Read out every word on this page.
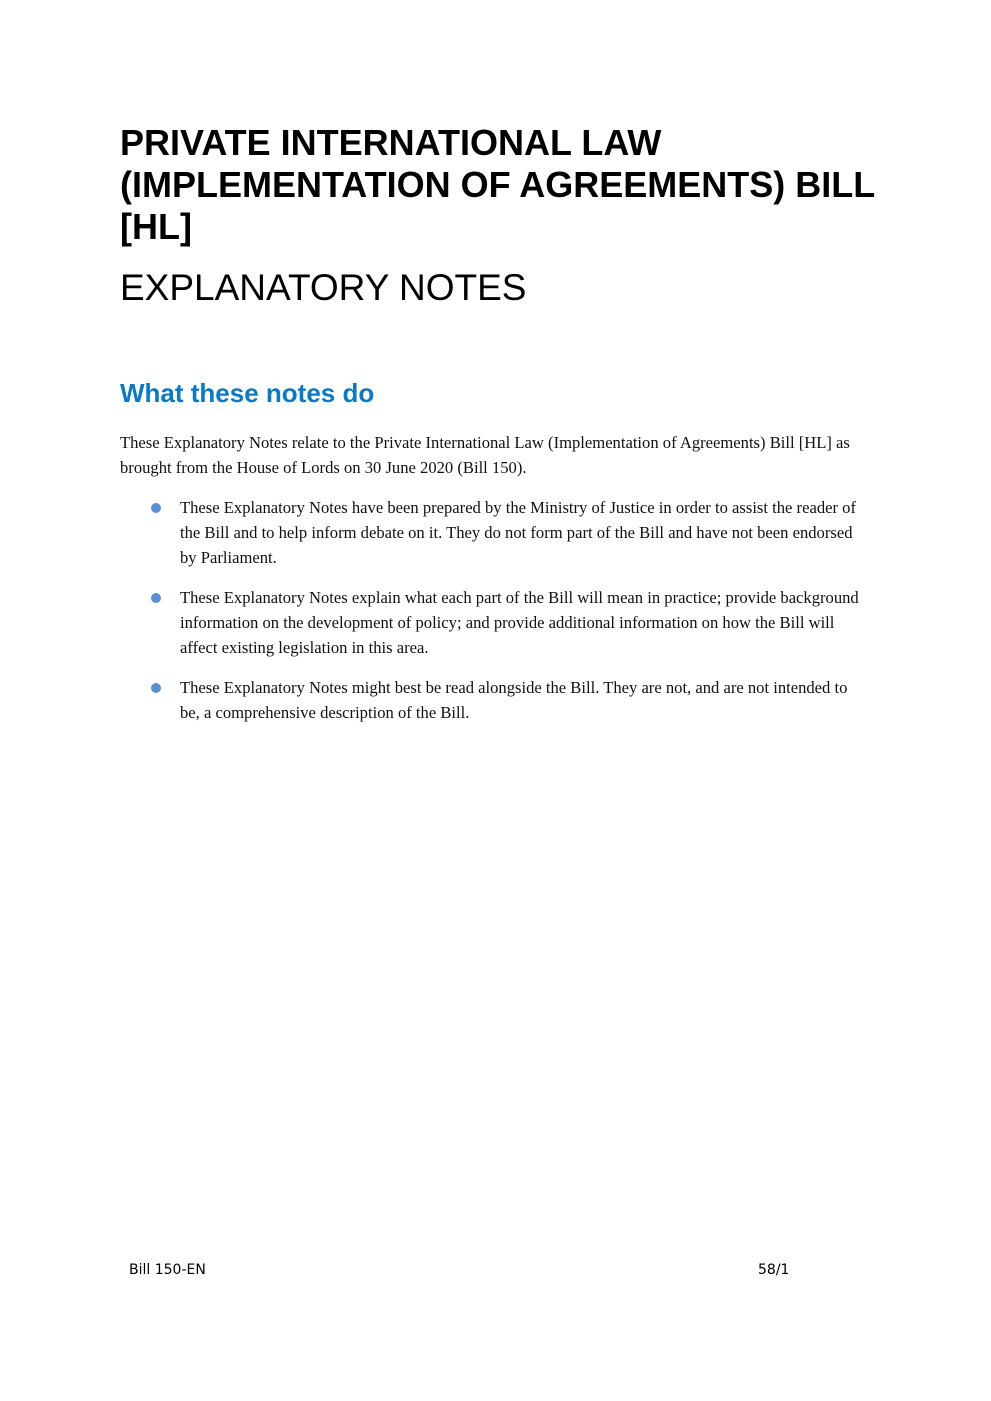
PRIVATE INTERNATIONAL LAW (IMPLEMENTATION OF AGREEMENTS) BILL [HL]
EXPLANATORY NOTES
What these notes do

These Explanatory Notes relate to the Private International Law (Implementation of Agreements) Bill [HL] as brought from the House of Lords on 30 June 2020 (Bill 150).

These Explanatory Notes have been prepared by the Ministry of Justice in order to assist the reader of the Bill and to help inform debate on it. They do not form part of the Bill and have not been endorsed by Parliament.
These Explanatory Notes explain what each part of the Bill will mean in practice; provide background information on the development of policy; and provide additional information on how the Bill will affect existing legislation in this area.
These Explanatory Notes might best be read alongside the Bill. They are not, and are not intended to be, a comprehensive description of the Bill.
Bill 150-EN	58/1
